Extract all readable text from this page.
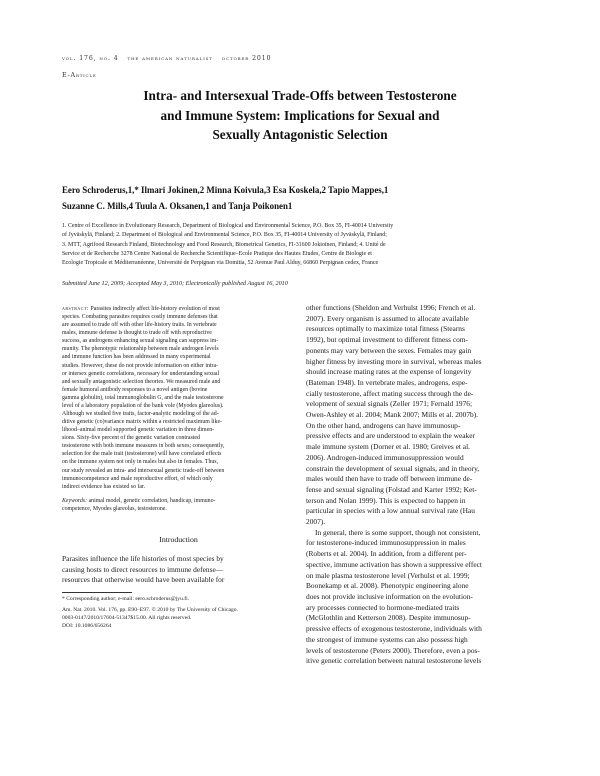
vol. 176, no. 4 the american naturalist october 2010
E-Article
Intra- and Intersexual Trade-Offs between Testosterone
and Immune System: Implications for Sexual and
Sexually Antagonistic Selection
Eero Schroderus,1,* Ilmari Jokinen,2 Minna Koivula,3 Esa Koskela,2 Tapio Mappes,1
Suzanne C. Mills,4 Tuula A. Oksanen,1 and Tanja Poikonen1
1. Centre of Excellence in Evolutionary Research, Department of Biological and Environmental Science, P.O. Box 35, FI-40014 University
of Jyväskylä, Finland; 2. Department of Biological and Environmental Science, P.O. Box 35, FI-40014 University of Jyväskylä, Finland;
3. MTT, Agrifood Research Finland, Biotechnology and Food Research, Biometrical Genetics, FI-31600 Jokioinen, Finland; 4. Unité de
Service et de Recherche 3278 Centre National de Recherche Scientifique–Ecole Pratique des Hautes Etudes, Centre de Biologie et
Ecologie Tropicale et Méditerranéenne, Université de Perpignan via Domitia, 52 Avenue Paul Alduy, 66860 Perpignan cedex, France
Submitted June 12, 2009; Accepted May 3, 2010; Electronically published August 16, 2010
abstract: Parasites indirectly affect life-history evolution of most
species. Combating parasites requires costly immune defenses that
are assumed to trade off with other life-history traits. In vertebrate
males, immune defense is thought to trade off with reproductive
success, as androgens enhancing sexual signaling can suppress im-
munity. The phenotypic relationship between male androgen levels
and immune function has been addressed in many experimental
studies. However, these do not provide information on either intra-
or intersex genetic correlations, necessary for understanding sexual
and sexually antagonistic selection theories. We measured male and
female humoral antibody responses to a novel antigen (bovine
gamma globulin), total immunoglobulin G, and the male testosterone
level of a laboratory population of the bank vole (Myodes glareolus).
Although we studied five traits, factor-analytic modeling of the ad-
ditive genetic (co)variance matrix within a restricted maximum like-
lihood–animal model supported genetic variation in three dimen-
sions. Sixty-five percent of the genetic variation contrasted
testosterone with both immune measures in both sexes; consequently,
selection for the male trait (testosterone) will have correlated effects
on the immune system not only in males but also in females. Thus,
our study revealed an intra- and intersexual genetic trade-off between
immunocompetence and male reproductive effort, of which only
indirect evidence has existed so far.
Keywords: animal model, genetic correlation, handicap, immuno-
competence, Myodes glareolus, testosterone.
Introduction
Parasites influence the life histories of most species by
causing hosts to direct resources to immune defense—
resources that otherwise would have been available for
* Corresponding author; e-mail: eero.schroderus@jyu.fi.
Am. Nat. 2010. Vol. 176, pp. E90–E97. © 2010 by The University of Chicago.
0003-0147/2010/17604-51347$15.00. All rights reserved.
DOI: 10.1086/656264
other functions (Sheldon and Verhulst 1996; French et al.
2007). Every organism is assumed to allocate available
resources optimally to maximize total fitness (Stearns
1992), but optimal investment to different fitness com-
ponents may vary between the sexes. Females may gain
higher fitness by investing more in survival, whereas males
should increase mating rates at the expense of longevity
(Bateman 1948). In vertebrate males, androgens, espe-
cially testosterone, affect mating success through the de-
velopment of sexual signals (Zeller 1971; Fernald 1976;
Owen-Ashley et al. 2004; Mank 2007; Mills et al. 2007b).
On the other hand, androgens can have immunosup-
pressive effects and are understood to explain the weaker
male immune system (Dorner et al. 1980; Greives et al.
2006). Androgen-induced immunosuppression would
constrain the development of sexual signals, and in theory,
males would then have to trade off between immune de-
fense and sexual signaling (Folstad and Karter 1992; Ket-
terson and Nolan 1999). This is expected to happen in
particular in species with a low annual survival rate (Hau
2007).
In general, there is some support, though not consistent,
for testosterone-induced immunosuppression in males
(Roberts et al. 2004). In addition, from a different per-
spective, immune activation has shown a suppressive effect
on male plasma testosterone level (Verhulst et al. 1999;
Boonekamp et al. 2008). Phenotypic engineering alone
does not provide inclusive information on the evolution-
ary processes connected to hormone-mediated traits
(McGlothlin and Ketterson 2008). Despite immunosup-
pressive effects of exogenous testosterone, individuals with
the strongest of immune systems can also possess high
levels of testosterone (Peters 2000). Therefore, even a pos-
itive genetic correlation between natural testosterone levels
